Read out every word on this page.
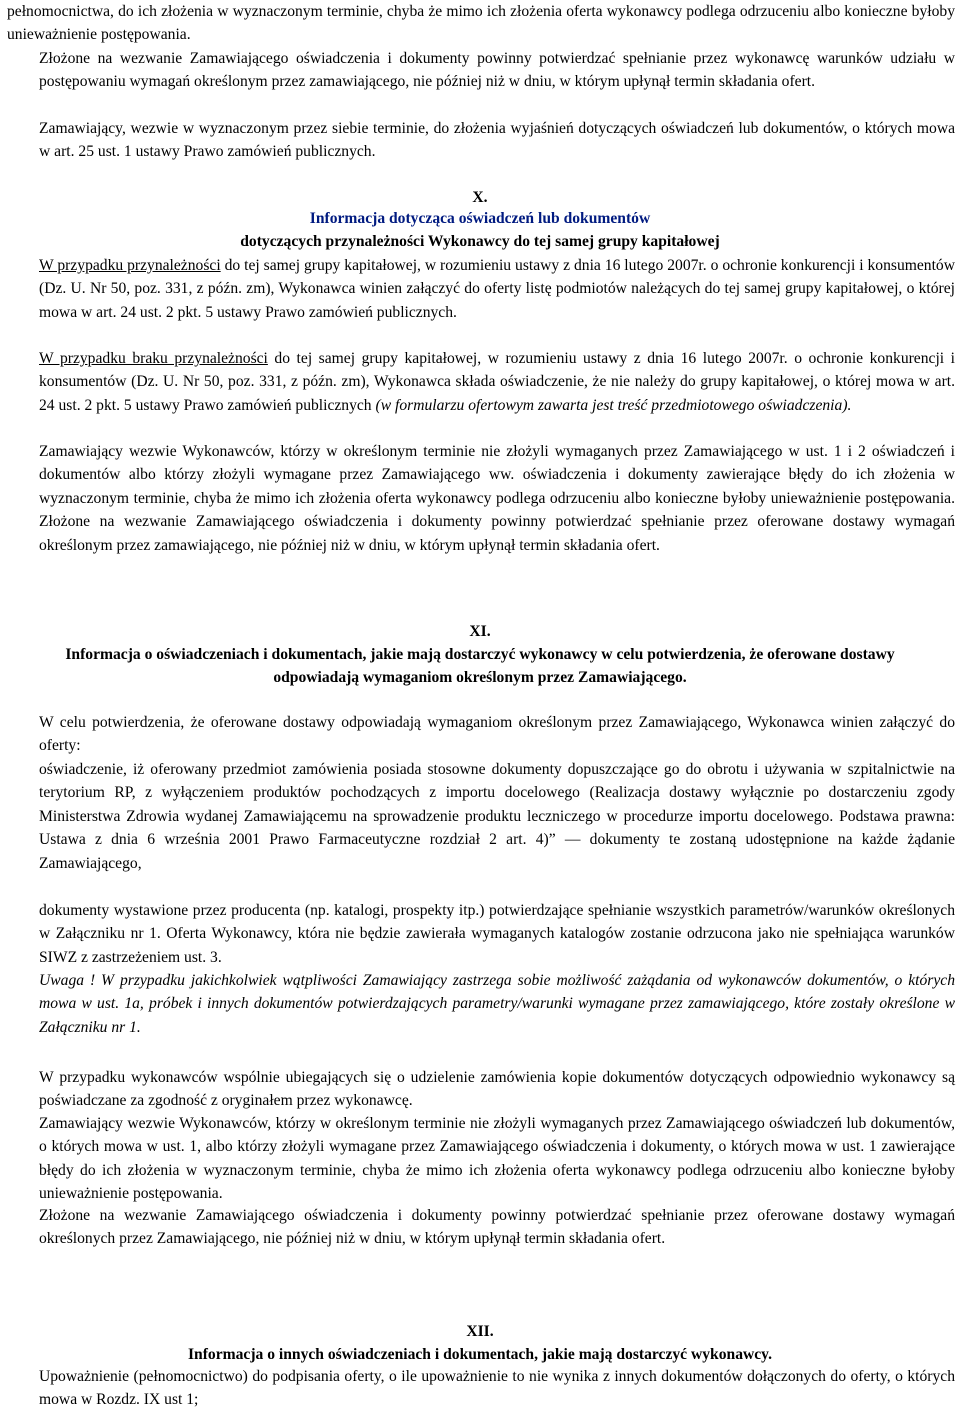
pełnomocnictwa, do ich złożenia w wyznaczonym terminie, chyba że mimo ich złożenia oferta wykonawcy podlega odrzuceniu albo konieczne byłoby unieważnienie postępowania.
Złożone na wezwanie Zamawiającego oświadczenia i dokumenty powinny potwierdzać spełnianie przez wykonawcę warunków udziału w postępowaniu wymagań określonym przez zamawiającego, nie później niż w dniu, w którym upłynął termin składania ofert.
Zamawiający, wezwie w wyznaczonym przez siebie terminie, do złożenia wyjaśnień dotyczących oświadczeń lub dokumentów, o których mowa w art. 25 ust. 1 ustawy Prawo zamówień publicznych.
X.
Informacja dotycząca oświadczeń lub dokumentów
dotyczących przynależności Wykonawcy do tej samej grupy kapitałowej
W przypadku przynależności do tej samej grupy kapitałowej, w rozumieniu ustawy z dnia 16 lutego 2007r. o ochronie konkurencji i konsumentów (Dz. U. Nr 50, poz. 331, z późn. zm), Wykonawca winien załączyć do oferty listę podmiotów należących do tej samej grupy kapitałowej, o której mowa w art. 24 ust. 2 pkt. 5 ustawy Prawo zamówień publicznych.
W przypadku braku przynależności do tej samej grupy kapitałowej, w rozumieniu ustawy z dnia 16 lutego 2007r. o ochronie konkurencji i konsumentów (Dz. U. Nr 50, poz. 331, z późn. zm), Wykonawca składa oświadczenie, że nie należy do grupy kapitałowej, o której mowa w art. 24 ust. 2 pkt. 5 ustawy Prawo zamówień publicznych (w formularzu ofertowym zawarta jest treść przedmiotowego oświadczenia).
Zamawiający wezwie Wykonawców, którzy w określonym terminie nie złożyli wymaganych przez Zamawiającego w ust. 1 i 2 oświadczeń i dokumentów albo którzy złożyli wymagane przez Zamawiającego ww. oświadczenia i dokumenty zawierające błędy do ich złożenia w wyznaczonym terminie, chyba że mimo ich złożenia oferta wykonawcy podlega odrzuceniu albo konieczne byłoby unieważnienie postępowania. Złożone na wezwanie Zamawiającego oświadczenia i dokumenty powinny potwierdzać spełnianie przez oferowane dostawy wymagań określonym przez zamawiającego, nie później niż w dniu, w którym upłynął termin składania ofert.
XI.
Informacja o oświadczeniach i dokumentach, jakie mają dostarczyć wykonawcy w celu potwierdzenia, że oferowane dostawy odpowiadają wymaganiom określonym przez Zamawiającego.
W celu potwierdzenia, że oferowane dostawy odpowiadają wymaganiom określonym przez Zamawiającego, Wykonawca winien załączyć do oferty:
oświadczenie, iż oferowany przedmiot zamówienia posiada stosowne dokumenty dopuszczające go do obrotu i używania w szpitalnictwie na terytorium RP, z wyłączeniem produktów pochodzących z importu docelowego (Realizacja dostawy wyłącznie po dostarczeniu zgody Ministerstwa Zdrowia wydanej Zamawiającemu na sprowadzenie produktu leczniczego w procedurze importu docelowego. Podstawa prawna: Ustawa z dnia 6 września 2001 Prawo Farmaceutyczne rozdział 2 art. 4)” — dokumenty te zostaną udostępnione na każde żądanie Zamawiającego,
dokumenty wystawione przez producenta (np. katalogi, prospekty itp.) potwierdzające spełnianie wszystkich parametrów/warunków określonych w Załączniku nr 1. Oferta Wykonawcy, która nie będzie zawierała wymaganych katalogów zostanie odrzucona jako nie spełniająca warunków SIWZ z zastrzeżeniem ust. 3.
Uwaga ! W przypadku jakichkolwiek wątpliwości Zamawiający zastrzega sobie możliwość zażądania od wykonawców dokumentów, o których mowa w ust. 1a, próbek i innych dokumentów potwierdzających parametry/warunki wymagane przez zamawiającego, które zostały określone w Załączniku nr 1.
W przypadku wykonawców wspólnie ubiegających się o udzielenie zamówienia kopie dokumentów dotyczących odpowiednio wykonawcy są poświadczane za zgodność z oryginałem przez wykonawcę.
Zamawiający wezwie Wykonawców, którzy w określonym terminie nie złożyli wymaganych przez Zamawiającego oświadczeń lub dokumentów, o których mowa w ust. 1, albo którzy złożyli wymagane przez Zamawiającego oświadczenia i dokumenty, o których mowa w ust. 1 zawierające błędy do ich złożenia w wyznaczonym terminie, chyba że mimo ich złożenia oferta wykonawcy podlega odrzuceniu albo konieczne byłoby unieważnienie postępowania.
Złożone na wezwanie Zamawiającego oświadczenia i dokumenty powinny potwierdzać spełnianie przez oferowane dostawy wymagań określonych przez Zamawiającego, nie później niż w dniu, w którym upłynął termin składania ofert.
XII.
Informacja o innych oświadczeniach i dokumentach, jakie mają dostarczyć wykonawcy.
Upoważnienie (pełnomocnictwo) do podpisania oferty, o ile upoważnienie to nie wynika z innych dokumentów dołączonych do oferty, o których mowa w Rozdz. IX ust 1;
